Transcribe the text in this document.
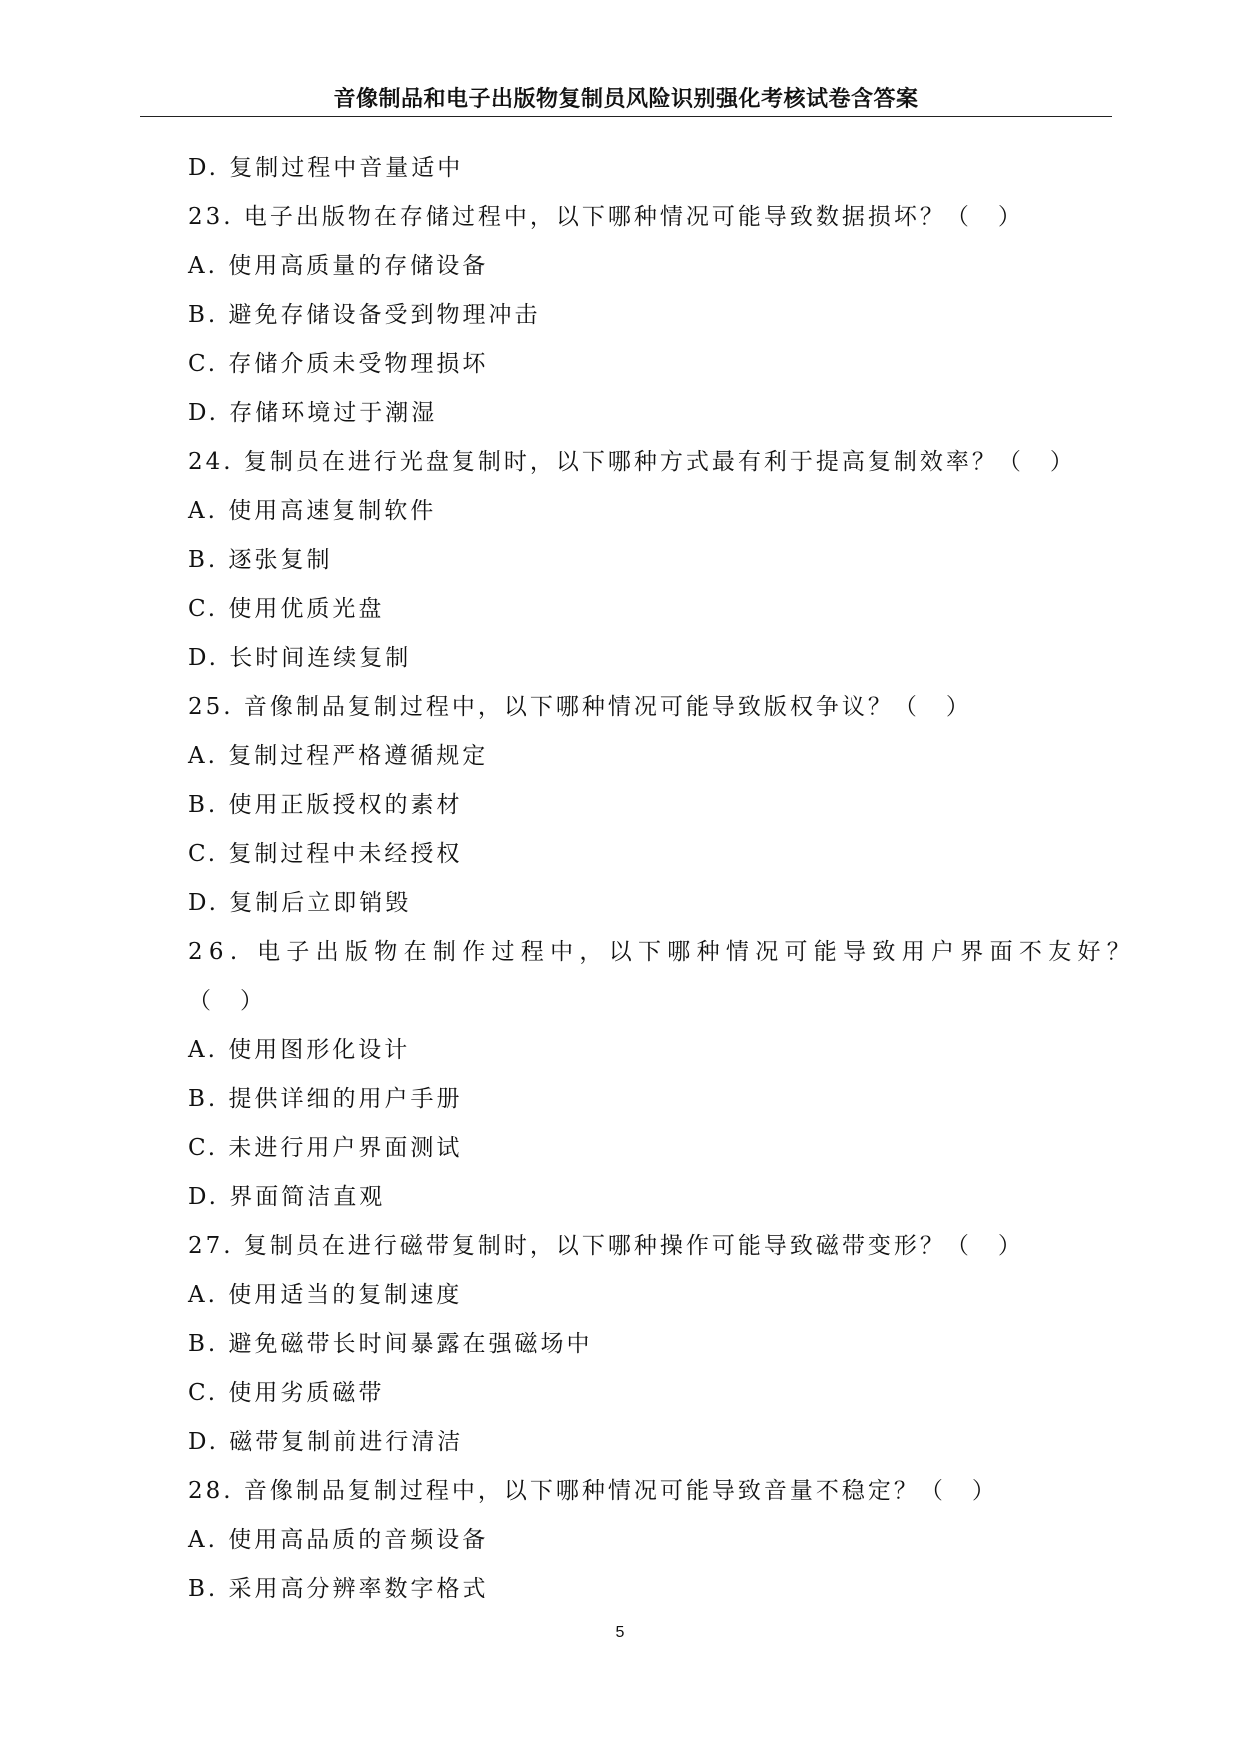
音像制品和电子出版物复制员风险识别强化考核试卷含答案
D. 复制过程中音量适中
23. 电子出版物在存储过程中，以下哪种情况可能导致数据损坏？（　）
A. 使用高质量的存储设备
B. 避免存储设备受到物理冲击
C. 存储介质未受物理损坏
D. 存储环境过于潮湿
24. 复制员在进行光盘复制时，以下哪种方式最有利于提高复制效率？（　）
A. 使用高速复制软件
B. 逐张复制
C. 使用优质光盘
D. 长时间连续复制
25. 音像制品复制过程中，以下哪种情况可能导致版权争议？（　）
A. 复制过程严格遵循规定
B. 使用正版授权的素材
C. 复制过程中未经授权
D. 复制后立即销毁
26. 电子出版物在制作过程中，以下哪种情况可能导致用户界面不友好？
（　）
A. 使用图形化设计
B. 提供详细的用户手册
C. 未进行用户界面测试
D. 界面简洁直观
27. 复制员在进行磁带复制时，以下哪种操作可能导致磁带变形？（　）
A. 使用适当的复制速度
B. 避免磁带长时间暴露在强磁场中
C. 使用劣质磁带
D. 磁带复制前进行清洁
28. 音像制品复制过程中，以下哪种情况可能导致音量不稳定？（　）
A. 使用高品质的音频设备
B. 采用高分辨率数字格式
5
